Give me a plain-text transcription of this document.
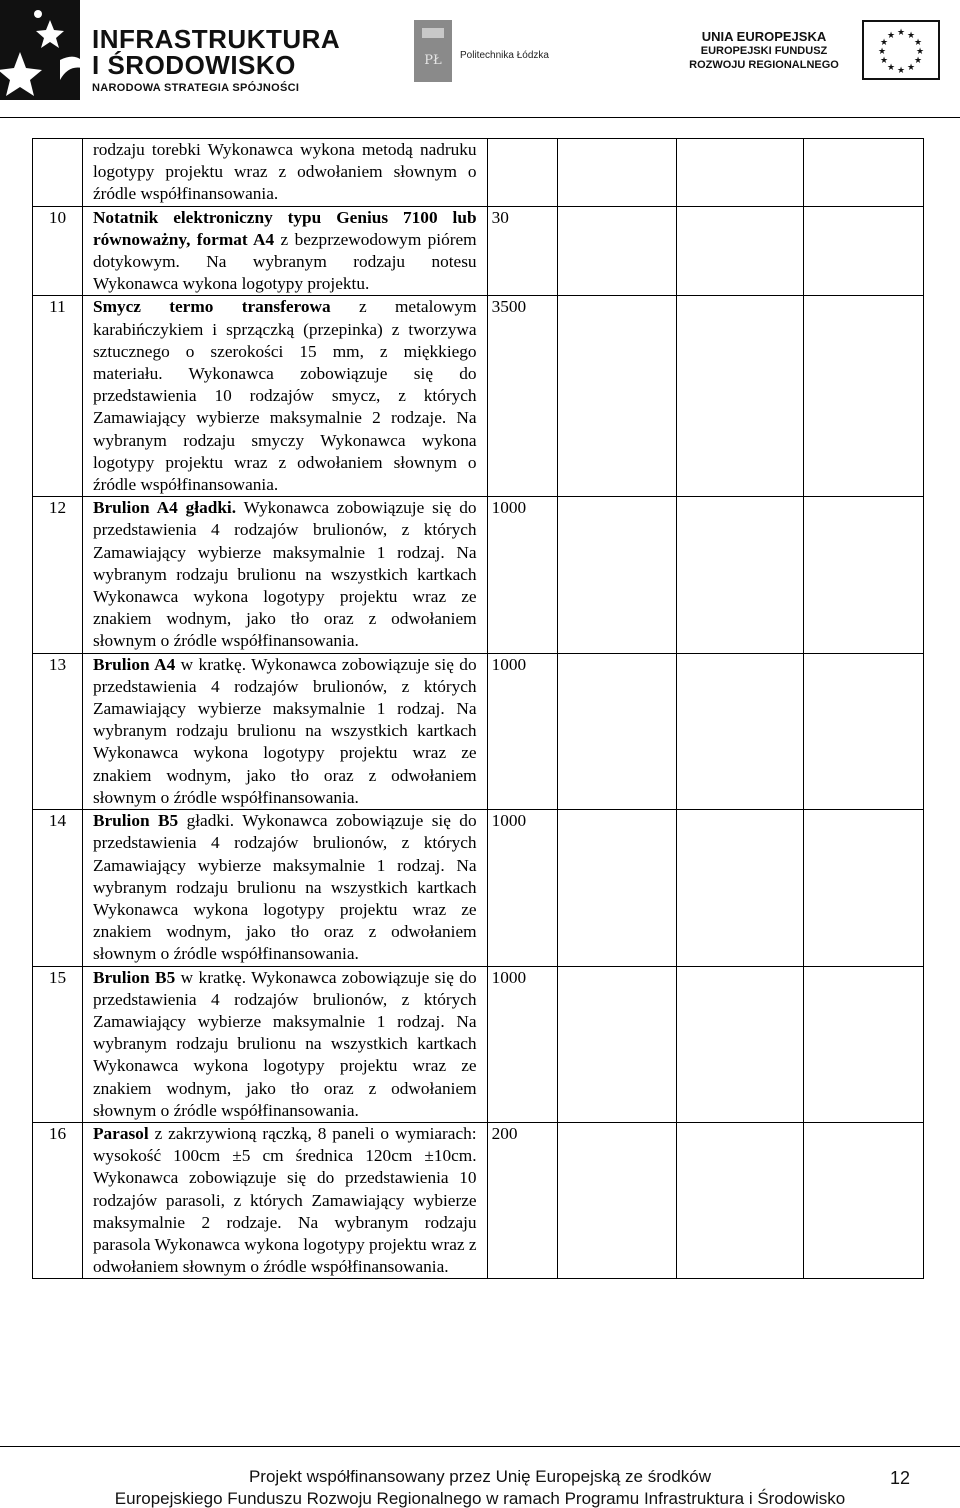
INFRASTRUKTURA
I ŚRODOWISKO
NARODOWA STRATEGIA SPÓJNOŚCI
PŁ Politechnika Łódzka
UNIA EUROPEJSKA
EUROPEJSKI FUNDUSZ
ROZWOJU REGIONALNEGO
★ ★
★
★
★
★
★
★
★
★
★
★

	rodzaju torebki Wykonawca wykona metodą nadruku logotypy projektu wraz z odwołaniem słownym o źródle współfinansowania.				

10	Notatnik elektroniczny typu Genius 7100 lub równoważny, format A4 z bezprzewodowym piórem dotykowym. Na wybranym rodzaju notesu Wykonawca wykona logotypy projektu.	30			
11	Smycz termo transferowa z metalowym karabińczykiem i sprzączką (przepinka) z tworzywa sztucznego o szerokości 15 mm, z miękkiego materiału. Wykonawca zobowiązuje się do przedstawienia 10 rodzajów smycz, z których Zamawiający wybierze maksymalnie 2 rodzaje. Na wybranym rodzaju smyczy Wykonawca wykona logotypy projektu wraz z odwołaniem słownym o źródle współfinansowania.	3500			
12	Brulion A4 gładki. Wykonawca zobowiązuje się do przedstawienia 4 rodzajów brulionów, z których Zamawiający wybierze maksymalnie 1 rodzaj. Na wybranym rodzaju brulionu na wszystkich kartkach Wykonawca wykona logotypy projektu wraz ze znakiem wodnym, jako tło oraz z odwołaniem słownym o źródle współfinansowania.	1000			
13	Brulion A4 w kratkę. Wykonawca zobowiązuje się do przedstawienia 4 rodzajów brulionów, z których Zamawiający wybierze maksymalnie 1 rodzaj. Na wybranym rodzaju brulionu na wszystkich kartkach Wykonawca wykona logotypy projektu wraz ze znakiem wodnym, jako tło oraz z odwołaniem słownym o źródle współfinansowania.	1000			
14	Brulion B5 gładki. Wykonawca zobowiązuje się do przedstawienia 4 rodzajów brulionów, z których Zamawiający wybierze maksymalnie 1 rodzaj. Na wybranym rodzaju brulionu na wszystkich kartkach Wykonawca wykona logotypy projektu wraz ze znakiem wodnym, jako tło oraz z odwołaniem słownym o źródle współfinansowania.	1000			
15	Brulion B5 w kratkę. Wykonawca zobowiązuje się do przedstawienia 4 rodzajów brulionów, z których Zamawiający wybierze maksymalnie 1 rodzaj. Na wybranym rodzaju brulionu na wszystkich kartkach Wykonawca wykona logotypy projektu wraz ze znakiem wodnym, jako tło oraz z odwołaniem słownym o źródle współfinansowania.	1000			
16	Parasol z zakrzywioną rączką, 8 paneli o wymiarach: wysokość 100cm ±5 cm średnica 120cm ±10cm. Wykonawca zobowiązuje się do przedstawienia 10 rodzajów parasoli, z których Zamawiający wybierze maksymalnie 2 rodzaje. Na wybranym rodzaju parasola Wykonawca wykona logotypy projektu wraz z odwołaniem słownym o źródle współfinansowania.	200			
Projekt współfinansowany przez Unię Europejską ze środków
Europejskiego Funduszu Rozwoju Regionalnego w ramach Programu Infrastruktura i Środowisko
12
